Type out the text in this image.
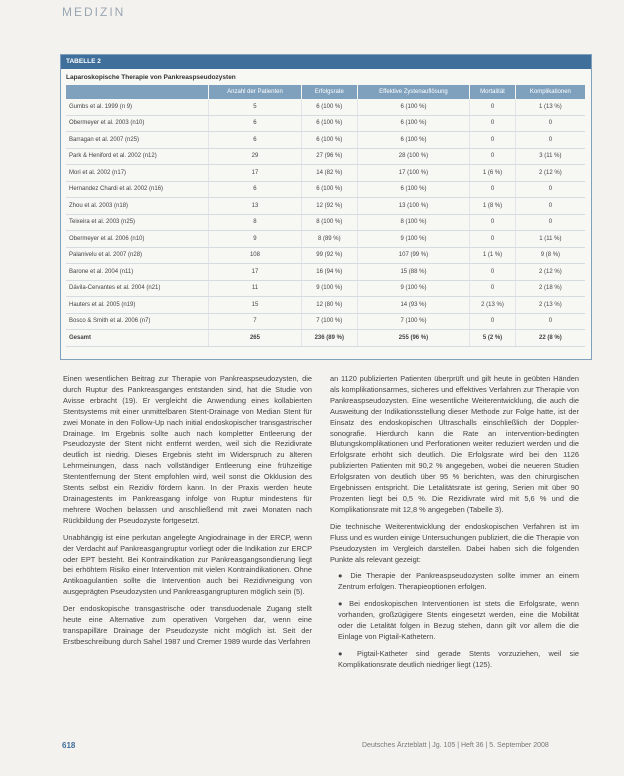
MEDIZIN
TABELLE 2
Laparoskopische Therapie von Pankreaspseudozysten
	Anzahl der Patienten	Erfolgsrate	Effektive Zystenauflösung	Mortalität	Komplikationen
Gumbs et al. 1999 (n 9)	5	6 (100 %)	6 (100 %)	0	1 (13 %)
Obermeyer et al. 2003 (n10)	6	6 (100 %)	6 (100 %)	0	0
Barragan et al. 2007 (n25)	6	6 (100 %)	6 (100 %)	0	0
Park & Heniford et al. 2002 (n12)	29	27 (96 %)	28 (100 %)	0	3 (11 %)
Mori et al. 2002 (n17)	17	14 (82 %)	17 (100 %)	1 (6 %)	2 (12 %)
Hernandez Chardi et al. 2002 (n16)	6	6 (100 %)	6 (100 %)	0	0
Zhou et al. 2003 (n18)	13	12 (92 %)	13 (100 %)	1 (8 %)	0
Teixeira et al. 2003 (n25)	8	8 (100 %)	8 (100 %)	0	0
Obermeyer et al. 2006 (n10)	9	8 (89 %)	9 (100 %)	0	1 (11 %)
Palanivelu et al. 2007 (n28)	108	99 (92 %)	107 (99 %)	1 (1 %)	9 (8 %)
Barone et al. 2004 (n11)	17	16 (94 %)	15 (88 %)	0	2 (12 %)
Dávila-Cervantes et al. 2004 (n21)	11	9 (100 %)	9 (100 %)	0	2 (18 %)
Hauters et al. 2005 (n19)	15	12 (80 %)	14 (93 %)	2 (13 %)	2 (13 %)
Bosco & Smith et al. 2006 (n7)	7	7 (100 %)	7 (100 %)	0	0
Gesamt	265	236 (89 %)	255 (96 %)	5 (2 %)	22 (8 %)

Einen wesentlichen Beitrag zur Therapie von Pankreaspseudozysten, die durch Ruptur des Pankreasganges entstanden sind, hat die Studie von Avisse erbracht (19). Er vergleicht die Anwendung eines kollabierten Stentsystems mit einer unmittelbaren Stent-Drainage von Median Stent für zwei Monate in den Follow-Up nach initial endoskopischer transgastrischer Drainage. Im Ergebnis sollte auch nach kompletter Entleerung der Pseudozyste der Stent nicht entfernt werden, weil sich die Rezidivrate deutlich ist niedrig. Dieses Ergebnis steht im Widerspruch zu älteren Lehrmeinungen, dass nach vollständiger Entleerung eine frühzeitige Stententfernung der Stent empfohlen wird, weil sonst die Okklusion des Stents selbst ein Rezidiv fördern kann. In der Praxis werden heute Drainagestents im Pankreasgang infolge von Ruptur mindestens für mehrere Wochen belassen und anschließend mit zwei Monaten nach Rückbildung der Pseudozyste fortgesetzt.

Unabhängig ist eine perkutan angelegte Angiodrainage in der ERCP, wenn der Verdacht auf Pankreasgangruptur vorliegt oder die Indikation zur ERCP oder EPT besteht. Bei Kontraindikation zur Pankreasgangsondierung liegt bei erhöhtem Risiko einer Intervention mit vielen Kontraindikationen. Ohne Antikoagulantien sollte die Intervention auch bei Rezidivneigung von ausgeprägten Pseudozysten und Pankreasgangrupturen möglich sein (5).

Der endoskopische transgastrische oder transduodenale Zugang stellt heute eine Alternative zum operativen Vorgehen dar, wenn eine transpapilläre Drainage der Pseudozyste nicht möglich ist. Seit der Erstbeschreibung durch Sahel 1987 und Cremer 1989 wurde das Verfahren

an 1120 publizierten Patienten überprüft und gilt heute in geübten Händen als komplikationsarmes, sicheres und effektives Verfahren zur Therapie von Pankreaspseudozysten. Eine wesentliche Weiterentwicklung, die auch die Ausweitung der Indikationsstellung dieser Methode zur Folge hatte, ist der Einsatz des endoskopischen Ultraschalls einschließlich der Doppler-sonografie. Hierdurch kann die Rate an intervention-bedingten Blutungskomplikationen und Perforationen weiter reduziert werden und die Erfolgsrate erhöht sich deutlich. Die Erfolgsrate wird bei den 1126 publizierten Patienten mit 90,2 % angegeben, wobei die neueren Studien Erfolgsraten von deutlich über 95 % berichten, was den chirurgischen Ergebnissen entspricht. Die Letalitätsrate ist gering, Serien mit über 90 Prozenten liegt bei 0,5 %. Die Rezidivrate wird mit 5,6 % und die Komplikationsrate mit 12,8 % angegeben (Tabelle 3).

Die technische Weiterentwicklung der endoskopischen Verfahren ist im Fluss und es wurden einige Untersuchungen publiziert, die die Therapie von Pseudozysten im Vergleich darstellen. Dabei haben sich die folgenden Punkte als relevant gezeigt:

● Die Therapie der Pankreaspseudozysten sollte immer an einem Zentrum erfolgen. Therapieoptionen erfolgen.

● Bei endoskopischen Interventionen ist stets die Erfolgsrate, wenn vorhanden, großzügigere Stents eingesetzt werden, eine die Mobilität oder die Letalität folgen in Bezug stehen, dann gilt vor allem die die Einlage von Pigtail-Kathetern.

● Pigtail-Katheter sind gerade Stents vorzuziehen, weil sie Komplikationsrate deutlich niedriger liegt (125).

618	Deutsches Ärzteblatt | Jg. 105 | Heft 36 | 5. September 2008
